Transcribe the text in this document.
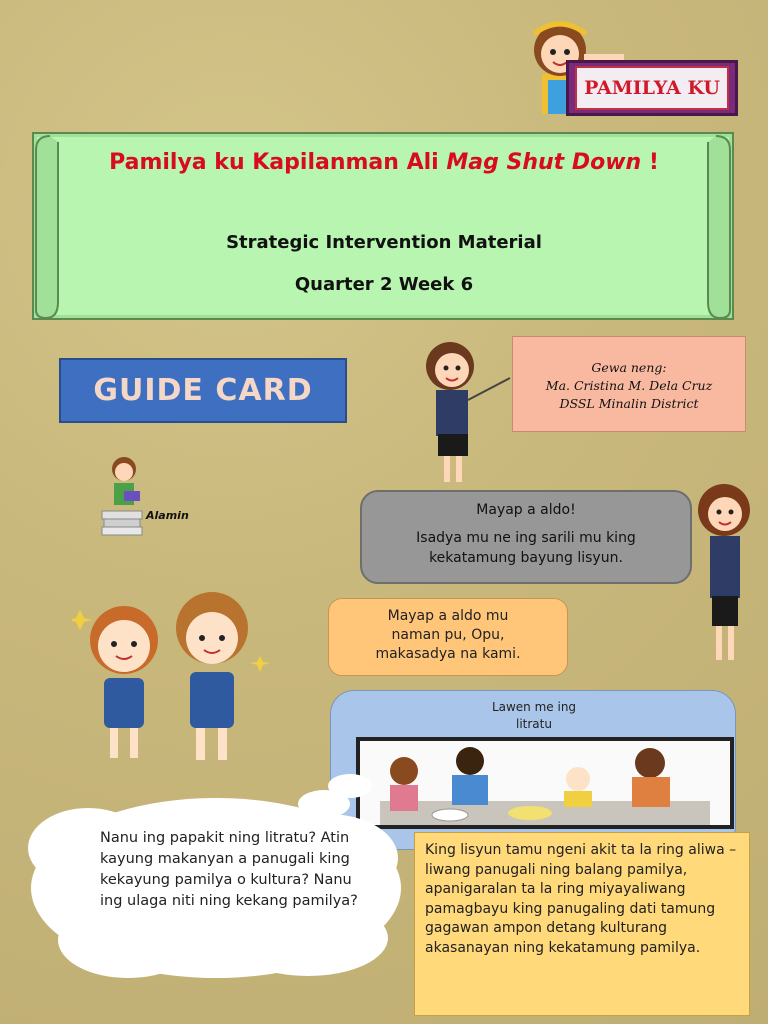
PAMILYA KU
Pamilya ku Kapilanman Ali Mag Shut Down !
Strategic Intervention Material
Quarter 2 Week 6
GUIDE CARD
Gewa neng:
Ma. Cristina M. Dela Cruz
DSSL Minalin District
Alamin	Mayap a aldo!
Isadya mu ne ing sarili mu king
kekatamung bayung lisyun.
Mayap a aldo mu
naman pu, Opu,
makasadya na kami.
Lawen me ing
litratu
Nanu ing papakit ning litratu? Atin kayung makanyan a panugali king kekayung pamilya o kultura? Nanu ing ulaga niti ning kekang pamilya?
King lisyun tamu ngeni akit ta la ring aliwa – liwang panugali ning balang pamilya, apanigaralan ta la ring miyayaliwang pamagbayu king panugaling dati tamung gagawan ampon detang kulturang akasanayan ning kekatamung pamilya.
